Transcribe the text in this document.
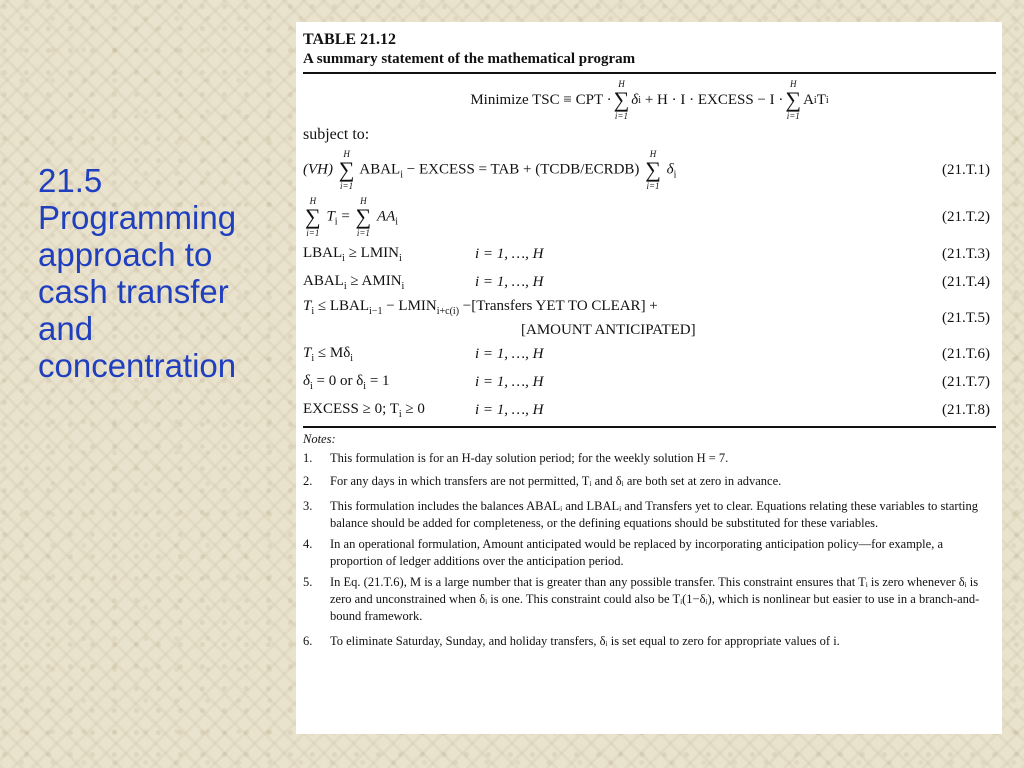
21.5
Programming
approach to
cash transfer
and
concentration
TABLE 21.12
A summary statement of the mathematical program
Minimize TSC ≡ CPT ·
H
∑
i=1
δ i
+ H · I · EXCESS − I ·
H
∑
i=1
A i T i
subject to:
(VH)
H
∑
i=1
$ABAL_i$ − EXCESS = TAB + (TCDB/ECRDB)
H
∑
i=1
$\delta_i$	(21.T.1)
H
∑
i=1
$T_i$ =
H
∑
i=1
$AA_i$	(21.T.2)
$LBAL_i$ ≥ $LMIN_i$	i = 1, …, H	(21.T.3)
$ABAL_i$ ≥ $AMIN_i$	i = 1, …, H	(21.T.4)
$T_i$ ≤ $LBAL_{i-1}$ − $LMIN_{i+c(i)}$ −[Transfers YET TO CLEAR] +
[AMOUNT ANTICIPATED]
(21.T.5)
$T_i \le M\delta_i$	i = 1, …, H	(21.T.6)
$\delta_i = 0$ or $\delta_i = 1$	i = 1, …, H	(21.T.7)
EXCESS ≥ 0; $T_i \ge 0$	i = 1, …, H	(21.T.8)
Notes:
1.	This formulation is for an H-day solution period; for the weekly solution H = 7.
2.	For any days in which transfers are not permitted, Tᵢ and δᵢ are both set at zero in advance.
3.	This formulation includes the balances ABALᵢ and LBALᵢ and Transfers yet to clear. Equations relating these variables to starting balance should be added for completeness, or the defining equations should be substituted for these variables.
4.	In an operational formulation, Amount anticipated would be replaced by incorporating anticipation policy—for example, a proportion of ledger additions over the anticipation period.
5.	In Eq. (21.T.6), M is a large number that is greater than any possible transfer. This constraint ensures that Tᵢ is zero whenever δᵢ is zero and unconstrained when δᵢ is one. This constraint could also be Tᵢ(1−δᵢ), which is nonlinear but easier to use in a branch-and-bound framework.
6.	To eliminate Saturday, Sunday, and holiday transfers, δᵢ is set equal to zero for appropriate values of i.
